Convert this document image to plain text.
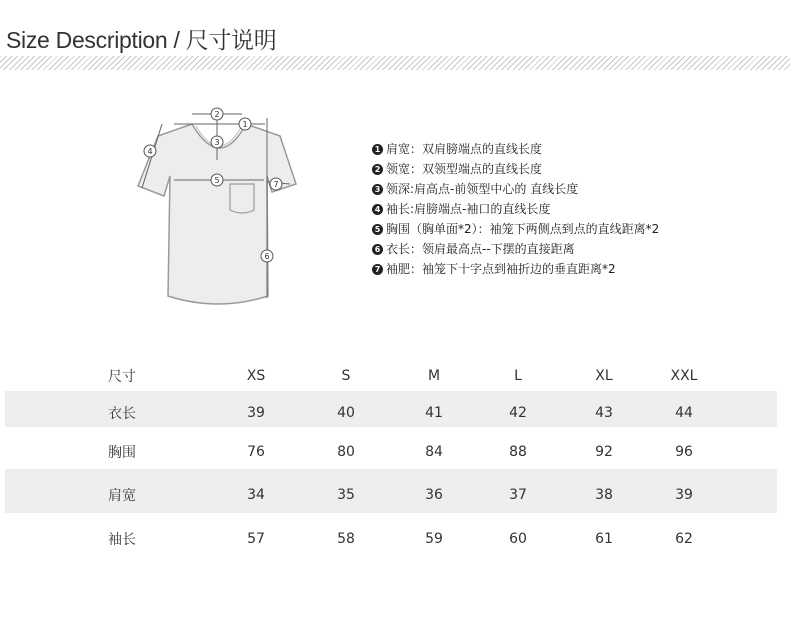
Size Description / 尺寸说明
1
2
3
4
5
6
7
1 肩宽：双肩膀端点的直线长度
2 领宽：双领型端点的直线长度
3 领深:肩高点-前领型中心的 直线长度
4 袖长:肩膀端点-袖口的直线长度
5 胸围（胸单面*2）：袖笼下两侧点到点的直线距离*2
6 衣长：领肩最高点--下摆的直接距离
7 袖肥：袖笼下十字点到袖折边的垂直距离*2
尺寸	XS	S	M	L	XL	XXL
衣长	39	40	41	42	43	44
胸围	76	80	84	88	92	96
肩宽	34	35	36	37	38	39
袖长	57	58	59	60	61	62
